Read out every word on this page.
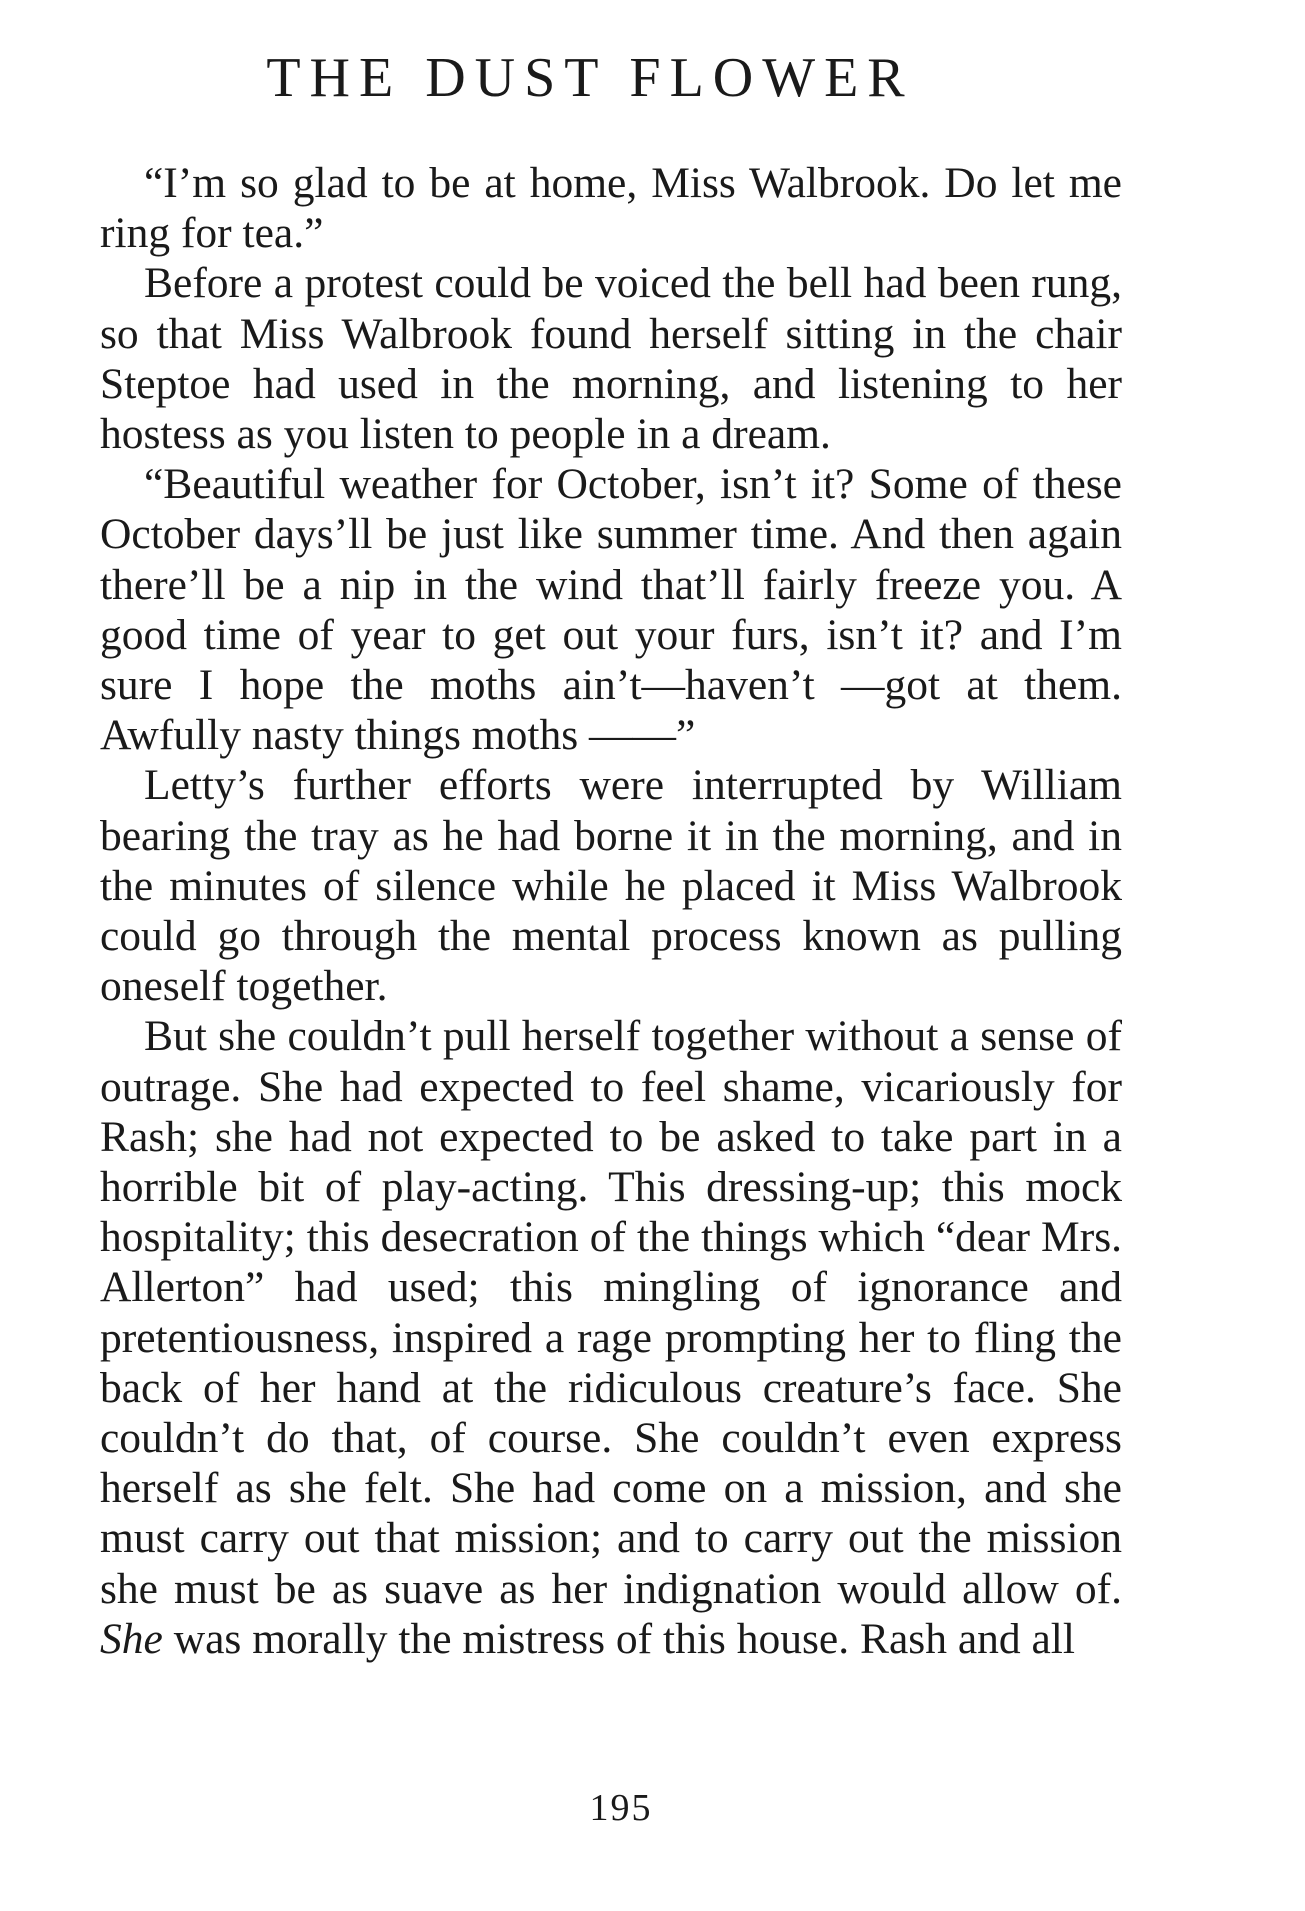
THE DUST FLOWER

“I’m so glad to be at home, Miss Walbrook. Do let me ring for tea.”

Before a protest could be voiced the bell had been rung, so that Miss Walbrook found herself sitting in the chair Steptoe had used in the morning, and listening to her hostess as you listen to people in a dream.

“Beautiful weather for October, isn’t it? Some of these October days’ll be just like summer time. And then again there’ll be a nip in the wind that’ll fairly freeze you. A good time of year to get out your furs, isn’t it? and I’m sure I hope the moths ain’t—haven’t —got at them. Awfully nasty things moths ——”

Letty’s further efforts were interrupted by William bearing the tray as he had borne it in the morning, and in the minutes of silence while he placed it Miss Walbrook could go through the mental process known as pulling oneself together.

But she couldn’t pull herself together without a sense of outrage. She had expected to feel shame, vicariously for Rash; she had not expected to be asked to take part in a horrible bit of play-acting. This dressing-up; this mock hospitality; this desecration of the things which “dear Mrs. Allerton” had used; this mingling of ignorance and pretentiousness, inspired a rage prompting her to fling the back of her hand at the ridiculous creature’s face. She couldn’t do that, of course. She couldn’t even express herself as she felt. She had come on a mission, and she must carry out that mission; and to carry out the mission she must be as suave as her indignation would allow of. She was morally the mistress of this house. Rash and all

195
